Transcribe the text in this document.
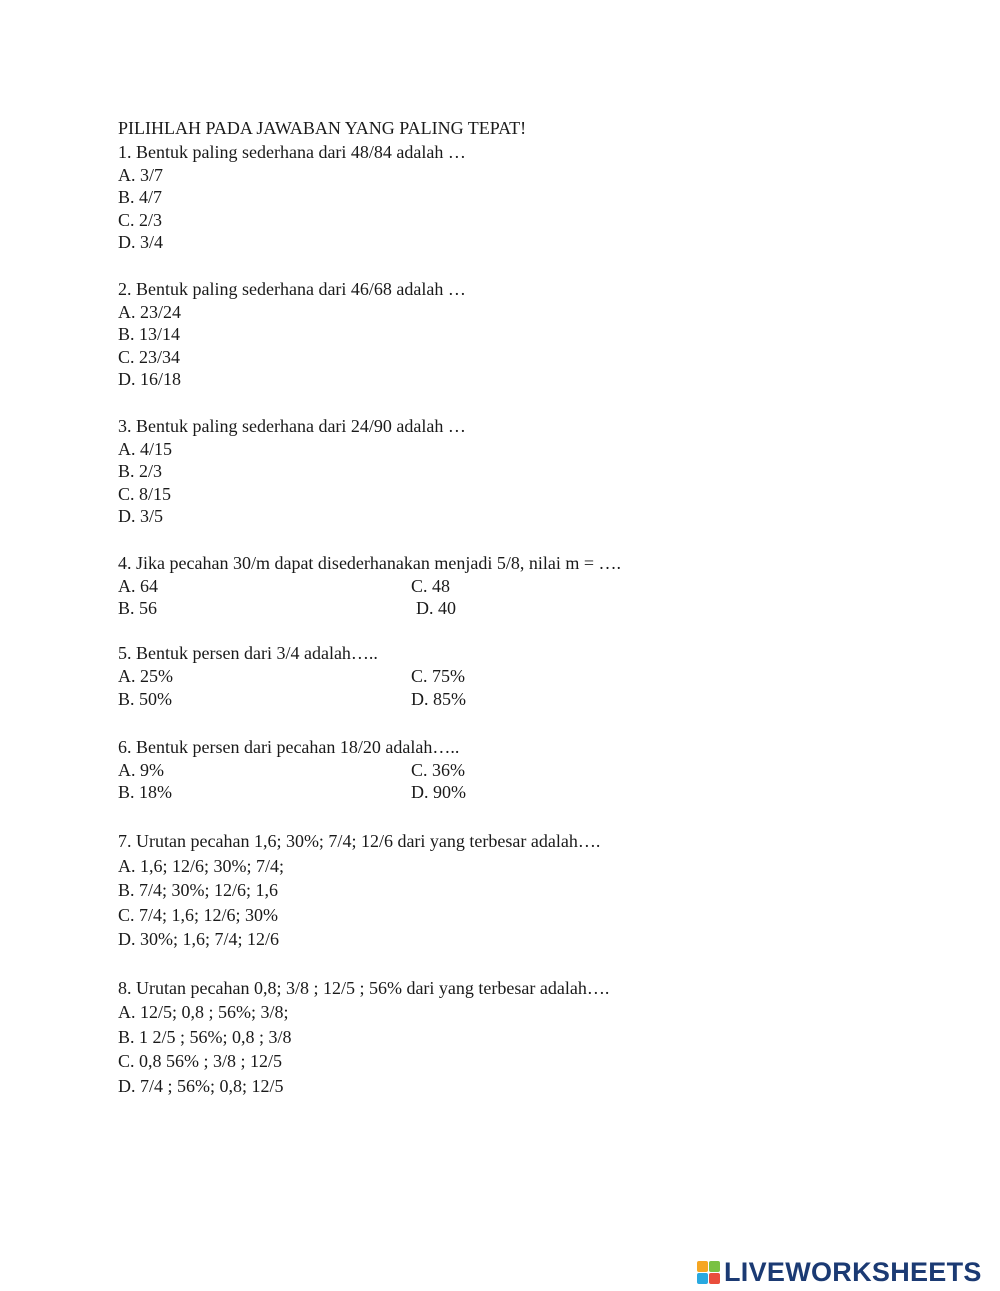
PILIHLAH PADA JAWABAN YANG PALING TEPAT!
1. Bentuk paling sederhana dari 48/84 adalah …
A. 3/7
B. 4/7
C. 2/3
D. 3/4
2. Bentuk paling sederhana dari 46/68 adalah …
A. 23/24
B. 13/14
C. 23/34
D. 16/18
3. Bentuk paling sederhana dari 24/90 adalah …
A. 4/15
B. 2/3
C. 8/15
D. 3/5
4. Jika pecahan 30/m dapat disederhanakan menjadi 5/8, nilai m = ….
A. 64	C. 48
B. 56	D. 40
5. Bentuk persen dari 3/4 adalah…..
A. 25%	C. 75%
B. 50%	D. 85%
6. Bentuk persen dari pecahan 18/20 adalah…..
A. 9%	C. 36%
B. 18%	D. 90%
7. Urutan pecahan 1,6; 30%; 7/4; 12/6 dari yang terbesar adalah….
A. 1,6; 12/6; 30%; 7/4;
B. 7/4; 30%; 12/6; 1,6
C. 7/4; 1,6; 12/6; 30%
D. 30%; 1,6; 7/4; 12/6
8. Urutan pecahan 0,8; 3/8 ; 12/5 ; 56% dari yang terbesar adalah….
A. 12/5; 0,8 ; 56%; 3/8;
B. 1 2/5 ; 56%; 0,8 ; 3/8
C. 0,8 56% ; 3/8 ; 12/5
D. 7/4 ; 56%; 0,8; 12/5
LIVEWORKSHEETS
